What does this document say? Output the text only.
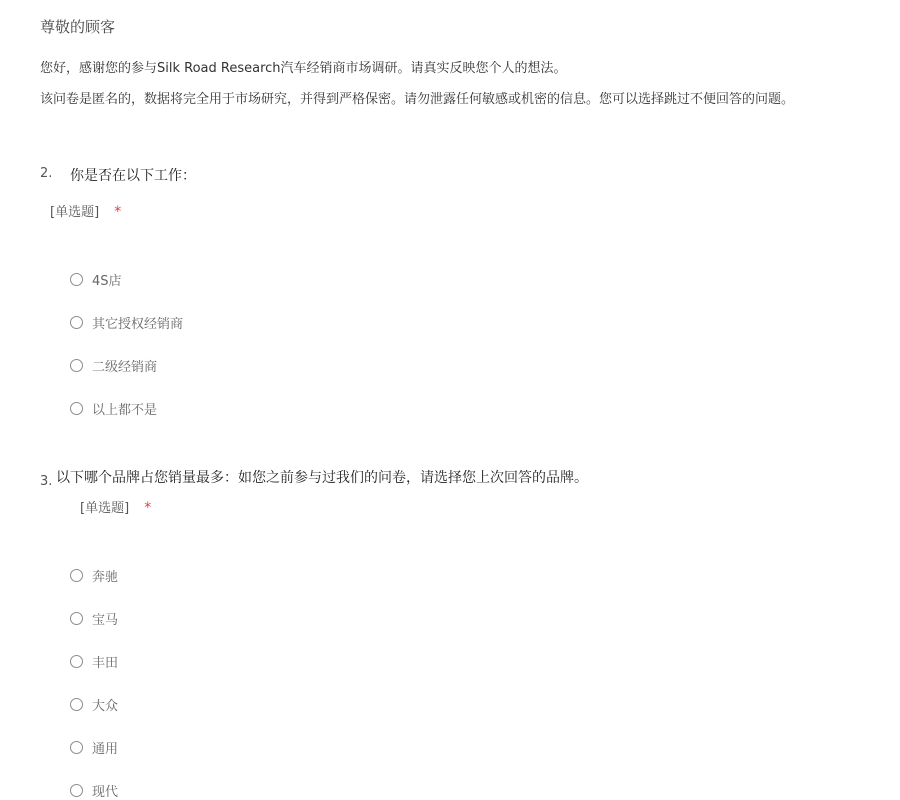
尊敬的顾客
您好，感谢您的参与Silk Road Research汽车经销商市场调研。请真实反映您个人的想法。
该问卷是匿名的，数据将完全用于市场研究，并得到严格保密。请勿泄露任何敏感或机密的信息。您可以选择跳过不便回答的问题。
2. 你是否在以下工作：
[单选题] *
4S店
其它授权经销商
二级经销商
以上都不是
3. 以下哪个品牌占您销量最多：如您之前参与过我们的问卷，请选择您上次回答的品牌。
[单选题] *
奔驰
宝马
丰田
大众
通用
现代
